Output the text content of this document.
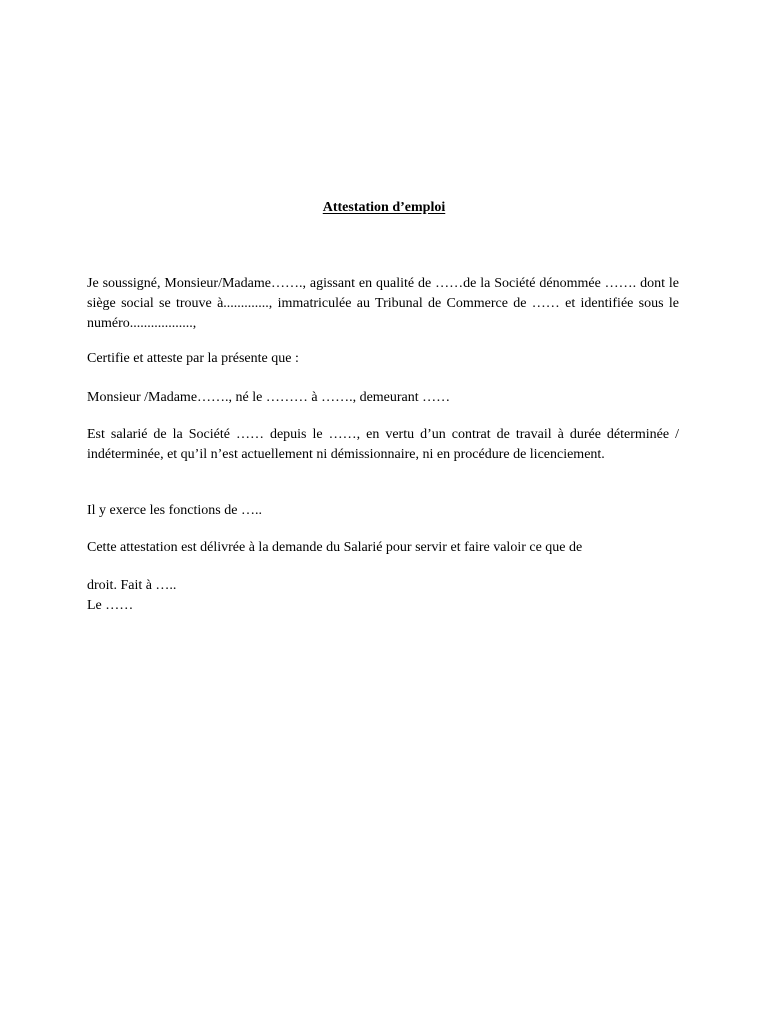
Attestation d’emploi

Je soussigné, Monsieur/Madame……., agissant en qualité de ……de la Société dénommée ……. dont le siège social se trouve à............., immatriculée au Tribunal de Commerce de …… et identifiée sous le numéro..................,

Certifie et atteste par la présente que :

Monsieur /Madame……., né le ……… à ……., demeurant ……

Est salarié de la Société …… depuis le ……, en vertu d’un contrat de travail à durée déterminée / indéterminée, et qu’il n’est actuellement ni démissionnaire, ni en procédure de licenciement.

Il y exerce les fonctions de …..

Cette attestation est délivrée à la demande du Salarié pour servir et faire valoir ce que de

droit. Fait à …..
Le ……
